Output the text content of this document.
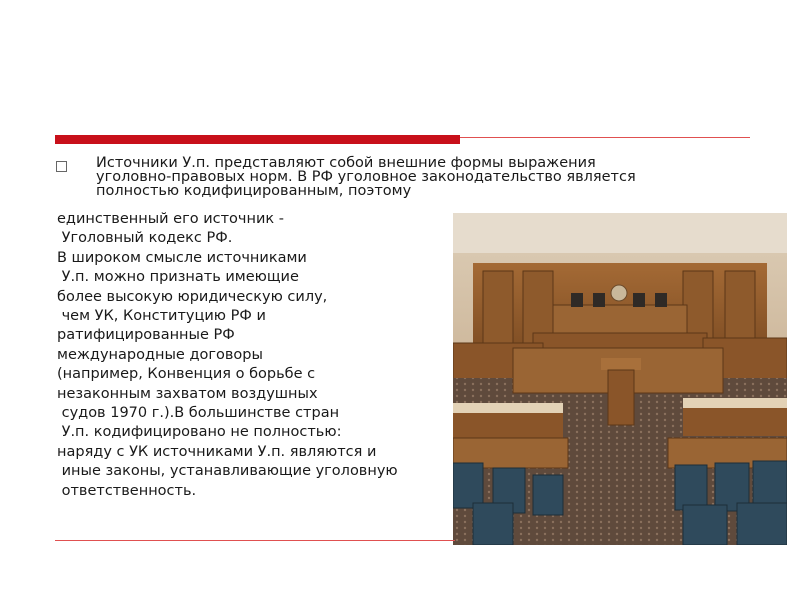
Источники У.п. представляют собой внешние формы выражения
уголовно-правовых норм. В РФ уголовное законодательство является
полностью кодифицированным, поэтому
единственный его источник -
Уголовный кодекс РФ.
В широком смысле источниками
У.п. можно признать имеющие
более высокую юридическую силу,
чем УК, Конституцию РФ и
ратифицированные РФ
международные договоры
(например, Конвенция о борьбе с
незаконным захватом воздушных
судов 1970 г.).В большинстве стран
У.п. кодифицировано не полностью:
наряду с УК источниками У.п. являются и
иные законы, устанавливающие уголовную
ответственность.
